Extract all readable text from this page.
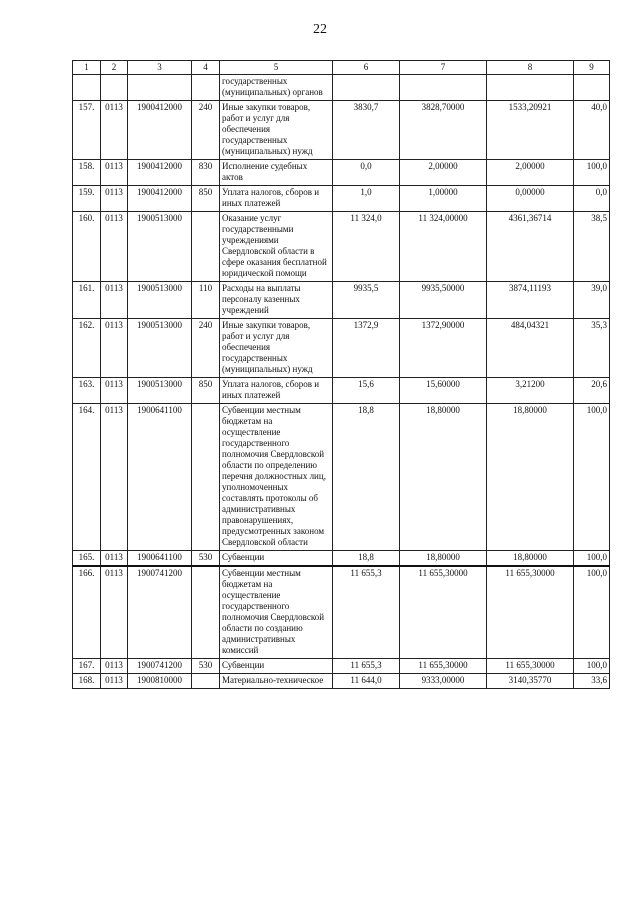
22
1	2	3	4	5	6	7	8	9
				государственных (муниципальных) органов				
157.	0113	1900412000	240	Иные закупки товаров, работ и услуг для обеспечения государственных (муниципальных) нужд	3830,7	3828,70000	1533,20921	40,0
158.	0113	1900412000	830	Исполнение судебных актов	0,0	2,00000	2,00000	100,0
159.	0113	1900412000	850	Уплата налогов, сборов и иных платежей	1,0	1,00000	0,00000	0,0
160.	0113	1900513000		Оказание услуг государственными учреждениями Свердловской области в сфере оказания бесплатной юридической помощи	11 324,0	11 324,00000	4361,36714	38,5
161.	0113	1900513000	110	Расходы на выплаты персоналу казенных учреждений	9935,5	9935,50000	3874,11193	39,0
162.	0113	1900513000	240	Иные закупки товаров, работ и услуг для обеспечения государственных (муниципальных) нужд	1372,9	1372,90000	484,04321	35,3
163.	0113	1900513000	850	Уплата налогов, сборов и иных платежей	15,6	15,60000	3,21200	20,6
164.	0113	1900641100		Субвенции местным бюджетам на осуществление государственного полномочия Свердловской области по определению перечня должностных лиц, уполномоченных составлять протоколы об административных правонарушениях, предусмотренных законом Свердловской области	18,8	18,80000	18,80000	100,0
165.	0113	1900641100	530	Субвенции	18,8	18,80000	18,80000	100,0
166.	0113	1900741200		Субвенции местным бюджетам на осуществление государственного полномочия Свердловской области по созданию административных комиссий	11 655,3	11 655,30000	11 655,30000	100,0
167.	0113	1900741200	530	Субвенции	11 655,3	11 655,30000	11 655,30000	100,0
168.	0113	1900810000		Материально-техническое	11 644,0	9333,00000	3140,35770	33,6
